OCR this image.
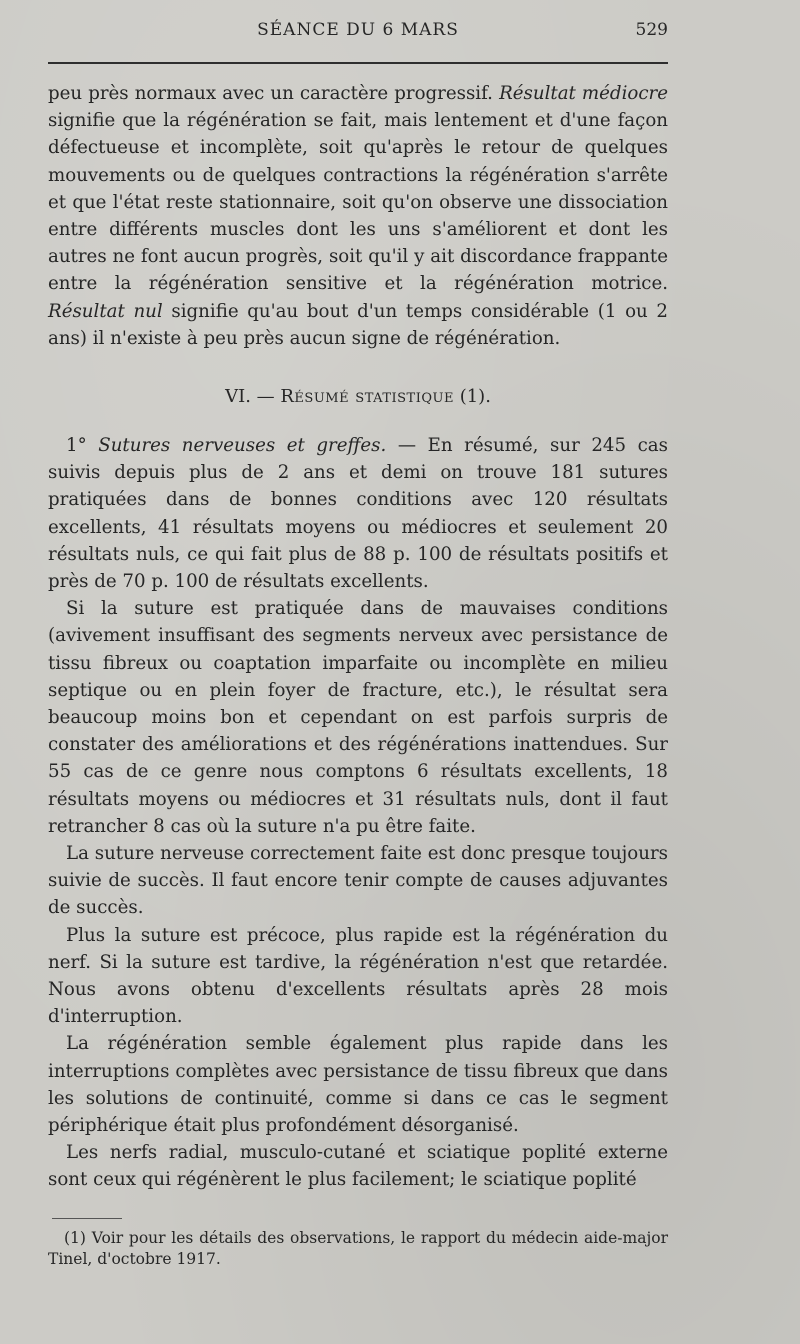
SÉANCE DU 6 MARS	529

peu près normaux avec un caractère progressif. Résultat médiocre signifie que la régénération se fait, mais lentement et d'une façon défectueuse et incomplète, soit qu'après le retour de quelques mouvements ou de quelques contractions la régénération s'arrête et que l'état reste stationnaire, soit qu'on observe une dissociation entre différents muscles dont les uns s'améliorent et dont les autres ne font aucun progrès, soit qu'il y ait discordance frappante entre la régénération sensitive et la régénération motrice. Résultat nul signifie qu'au bout d'un temps considérable (1 ou 2 ans) il n'existe à peu près aucun signe de régénération.

VI. — Résumé statistique (1).

1° Sutures nerveuses et greffes. — En résumé, sur 245 cas suivis depuis plus de 2 ans et demi on trouve 181 sutures pratiquées dans de bonnes conditions avec 120 résultats excellents, 41 résultats moyens ou médiocres et seulement 20 résultats nuls, ce qui fait plus de 88 p. 100 de résultats positifs et près de 70 p. 100 de résultats excellents.

Si la suture est pratiquée dans de mauvaises conditions (avivement insuffisant des segments nerveux avec persistance de tissu fibreux ou coaptation imparfaite ou incomplète en milieu septique ou en plein foyer de fracture, etc.), le résultat sera beaucoup moins bon et cependant on est parfois surpris de constater des améliorations et des régénérations inattendues. Sur 55 cas de ce genre nous comptons 6 résultats excellents, 18 résultats moyens ou médiocres et 31 résultats nuls, dont il faut retrancher 8 cas où la suture n'a pu être faite.

La suture nerveuse correctement faite est donc presque toujours suivie de succès. Il faut encore tenir compte de causes adjuvantes de succès.

Plus la suture est précoce, plus rapide est la régénération du nerf. Si la suture est tardive, la régénération n'est que retardée. Nous avons obtenu d'excellents résultats après 28 mois d'interruption.

La régénération semble également plus rapide dans les interruptions complètes avec persistance de tissu fibreux que dans les solutions de continuité, comme si dans ce cas le segment périphérique était plus profondément désorganisé.

Les nerfs radial, musculo-cutané et sciatique poplité externe sont ceux qui régénèrent le plus facilement; le sciatique poplité

(1) Voir pour les détails des observations, le rapport du médecin aide-major Tinel, d'octobre 1917.
